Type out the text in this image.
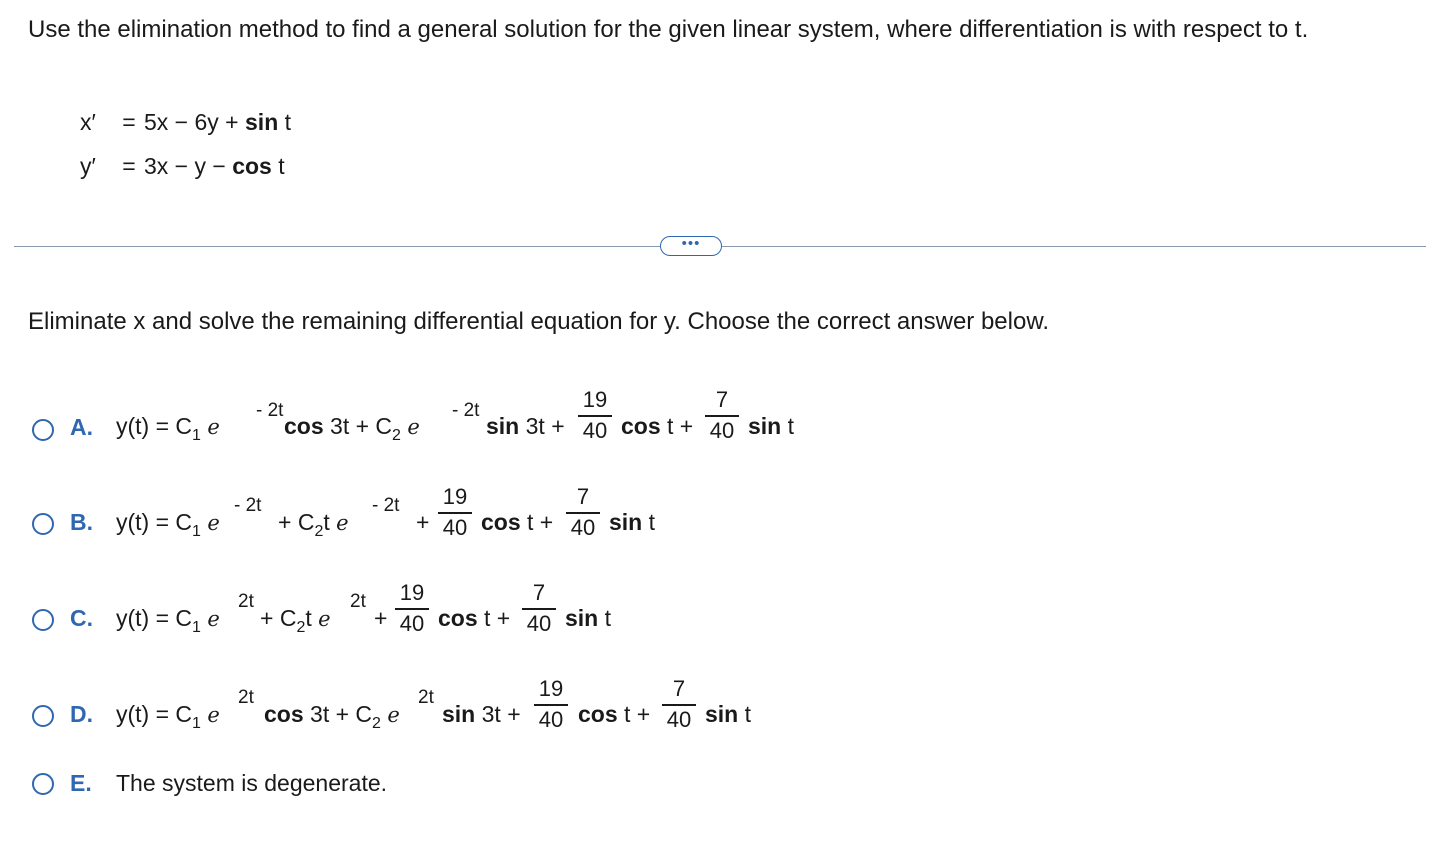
Use the elimination method to find a general solution for the given linear system, where differentiation is with respect to t.
x′ = 5x − 6y + sin t
y′ = 3x − y − cos t
•••
Eliminate x and solve the remaining differential equation for y. Choose the correct answer below.
A. $y(t) = C_1$ e
- 2t
$\cos 3t + C_2$ e
- 2t
sin 3t +
19
40 cos t +
7
40 sin t
B. $y(t) = C_1$ e
- 2t
+ $C_2t$ e
- 2t
+
19
40 cos t +
7
40 sin t
C. $y(t) = C_1$ e
2t
+ $C_2t$ e
2t
+
19
40 cos t +
7
40 sin t
D. $y(t) = C_1$ e
2t
$\cos 3t + C_2$ e
2t
sin 3t +
19
40 cos t +
7
40 sin t
E. The system is degenerate.
